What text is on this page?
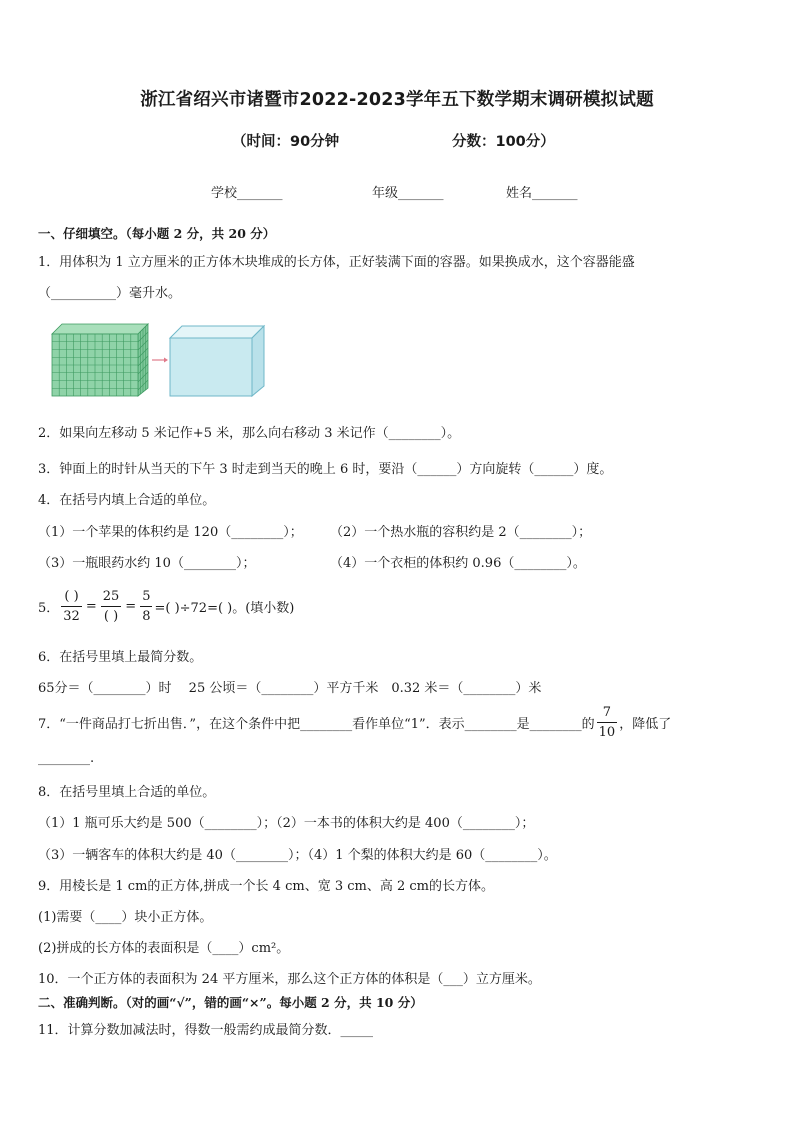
浙江省绍兴市诸暨市2022-2023学年五下数学期末调研模拟试题
（时间：90分钟	分数：100分）
学校_______	年级_______	姓名_______
一、仔细填空。（每小题 2 分，共 20 分）
1．用体积为 1 立方厘米的正方体木块堆成的长方体，正好装满下面的容器。如果换成水，这个容器能盛
（__________）毫升水。
2．如果向左移动 5 米记作+5 米，那么向右移动 3 米记作（________）。
3．钟面上的时针从当天的下午 3 时走到当天的晚上 6 时，要沿（______）方向旋转（______）度。
4．在括号内填上合适的单位。
（1）一个苹果的体积约是 120（________）； （2）一个热水瓶的容积约是 2（________）；
（3）一瓶眼药水约 10（________）；	（4）一个衣柜的体积约 0.96（________）。
5． $\frac{( )}{32} = \frac{25}{( )} = \frac{5}{8}$ =( )÷72=( )。(填小数)
6．在括号里填上最简分数。
65分＝（________）时　 25 公顷＝（________）平方千米　0.32 米＝（________）米
7．“一件商品打七折出售．”，在这个条件中把________看作单位“1”．表示________是________的 $\frac{7}{10}$ ，降低了
________.
8．在括号里填上合适的单位。
（1）1 瓶可乐大约是 500（________）；（2）一本书的体积大约是 400（________）；
（3）一辆客车的体积大约是 40（________）；（4）1 个梨的体积大约是 60（________）。
9．用棱长是 1 cm的正方体,拼成一个长 4 cm、宽 3 cm、高 2 cm的长方体。
(1)需要（____）块小正方体。
(2)拼成的长方体的表面积是（____）cm²。
10．一个正方体的表面积为 24 平方厘米，那么这个正方体的体积是（___）立方厘米。
二、准确判断。（对的画“√”，错的画“×”。每小题 2 分，共 10 分）
11．计算分数加减法时，得数一般需约成最简分数．_____
